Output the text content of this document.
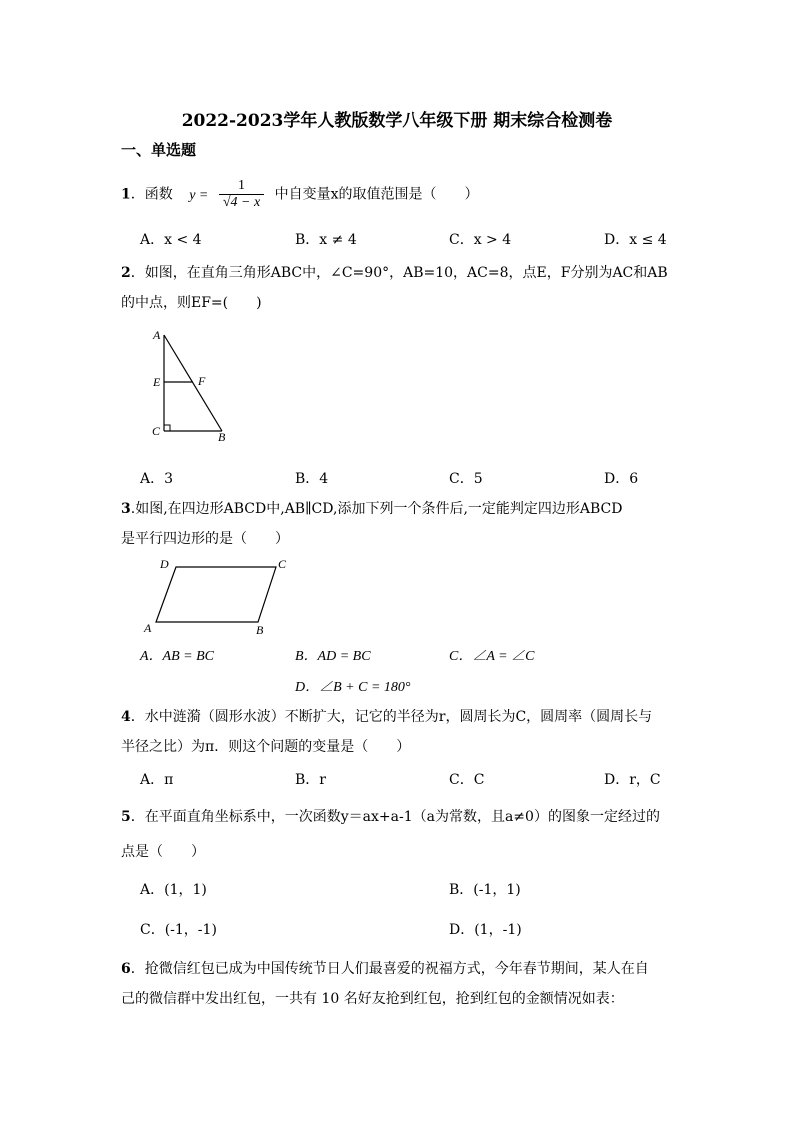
2022-2023学年人教版数学八年级下册 期末综合检测卷
一、单选题
1．函数 $y = \frac{1}{√4 - x}$ 中自变量x的取值范围是（　　）
A．x < 4	B．x ≠ 4	C．x > 4	D．x ≤ 4
2．如图，在直角三角形ABC中，∠C=90°，AB=10，AC=8，点E，F分别为AC和AB
的中点，则EF=(　　)
A
E	F
C	B
A．3	B．4	C．5	D．6
3.如图,在四边形ABCD中,AB∥CD,添加下列一个条件后,一定能判定四边形ABCD
是平行四边形的是（　　）
D	C
A	B
A．AB = BC	B．AD = BC	C．∠A = ∠C
D．∠B + C = 180°
4．水中涟漪（圆形水波）不断扩大，记它的半径为r，圆周长为C，圆周率（圆周长与
半径之比）为π．则这个问题的变量是（　　）
A．π	B．r	C．C	D．r，C
5．在平面直角坐标系中，一次函数y＝ax+a-1（a为常数，且a≠0）的图象一定经过的
点是（　　）
A．(1，1)	B．(-1，1)
C．(-1，-1)	D．(1，-1)
6．抢微信红包已成为中国传统节日人们最喜爱的祝福方式，今年春节期间，某人在自
己的微信群中发出红包，一共有 10 名好友抢到红包，抢到红包的金额情况如表：
